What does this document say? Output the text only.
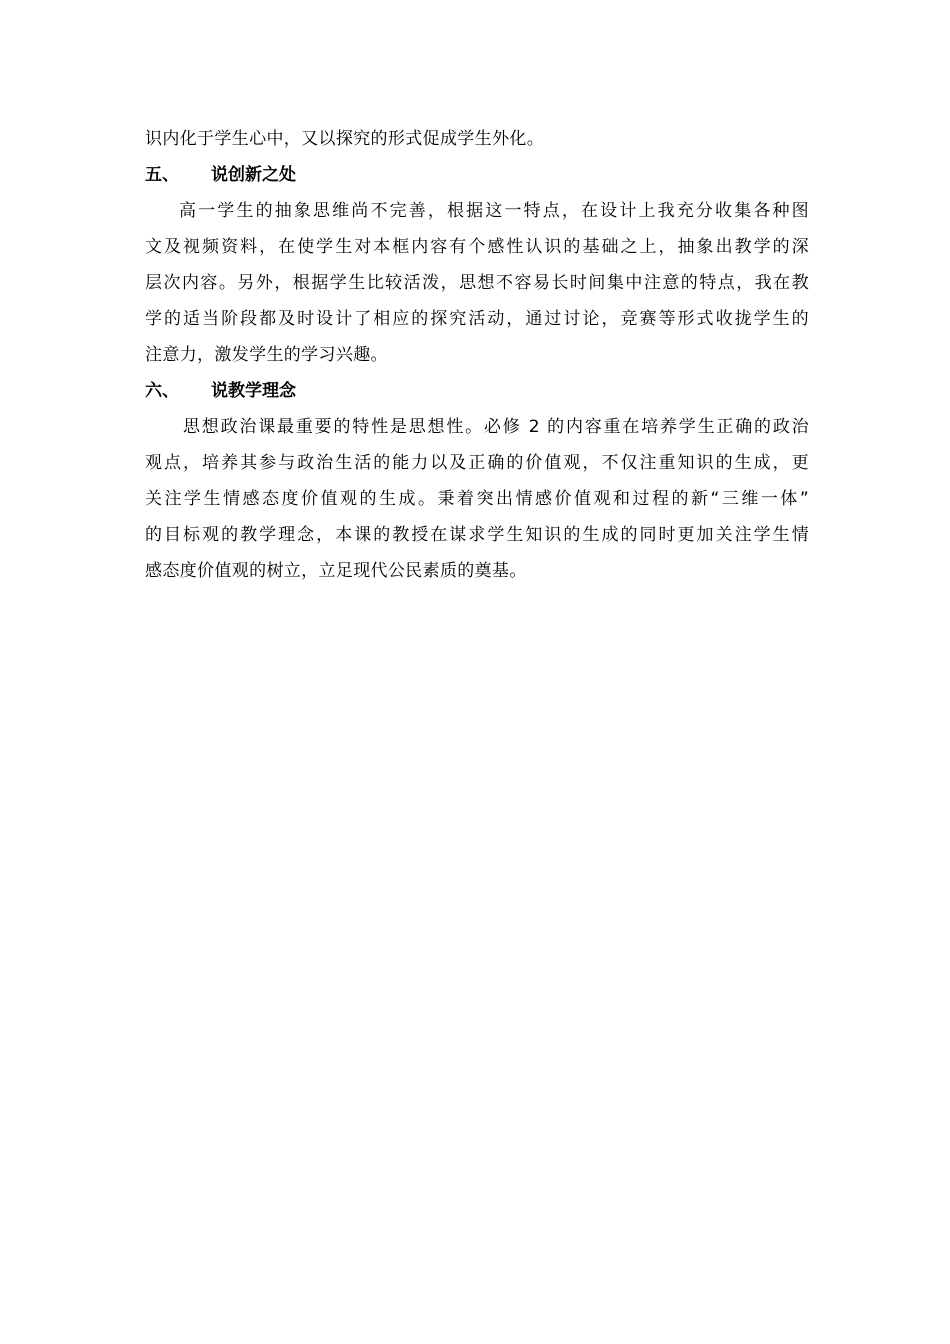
识内化于学生心中，又以探究的形式促成学生外化。
五、 说创新之处
高一学生的抽象思维尚不完善，根据这一特点，在设计上我充分收集各种图
文及视频资料，在使学生对本框内容有个感性认识的基础之上，抽象出教学的深
层次内容。另外，根据学生比较活泼，思想不容易长时间集中注意的特点，我在教
学的适当阶段都及时设计了相应的探究活动，通过讨论，竞赛等形式收拢学生的
注意力，激发学生的学习兴趣。
六、 说教学理念
思想政治课最重要的特性是思想性。必修 2 的内容重在培养学生正确的政治
观点，培养其参与政治生活的能力以及正确的价值观，不仅注重知识的生成，更
关注学生情感态度价值观的生成。秉着突出情感价值观和过程的新“三维一体”
的目标观的教学理念，本课的教授在谋求学生知识的生成的同时更加关注学生情
感态度价值观的树立，立足现代公民素质的奠基。
